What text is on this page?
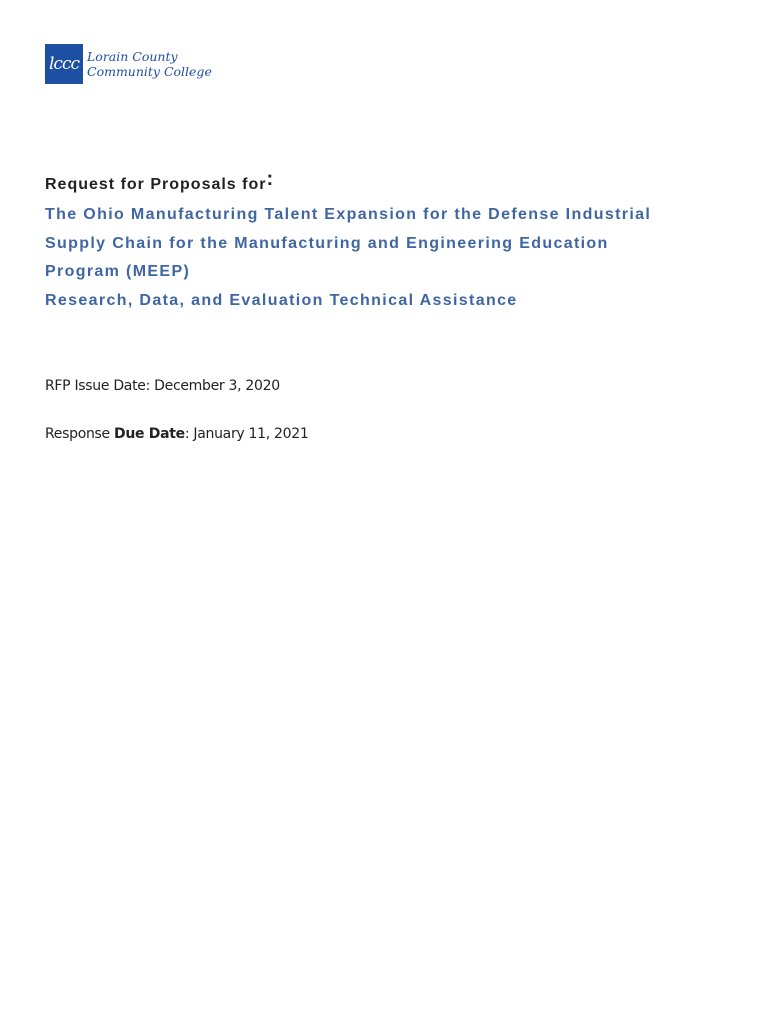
lccc Lorain County
Community College
Request for Proposals for:
The Ohio Manufacturing Talent Expansion for the Defense Industrial
Supply Chain for the Manufacturing and Engineering Education
Program (MEEP)
Research, Data, and Evaluation Technical Assistance
RFP Issue Date: December 3, 2020
Response Due Date: January 11, 2021
